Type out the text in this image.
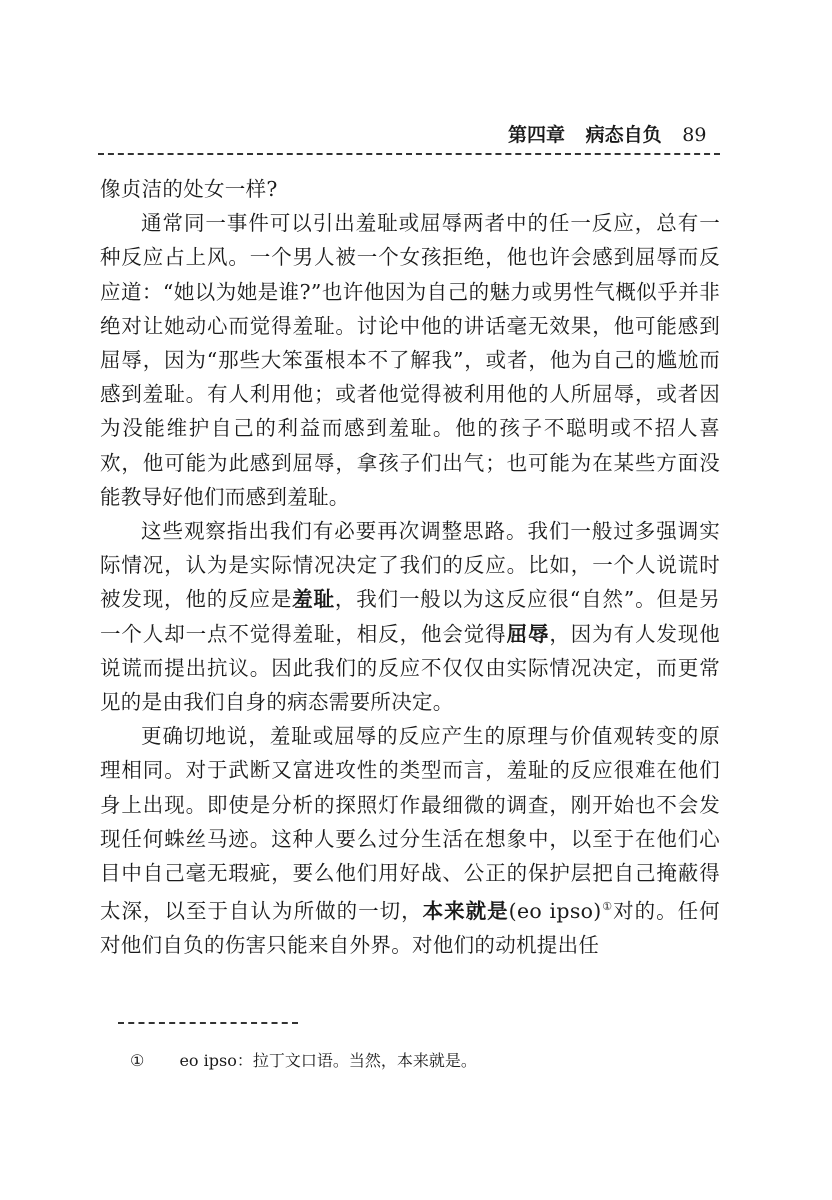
第四章 病态自负 89

像贞洁的处女一样?

通常同一事件可以引出羞耻或屈辱两者中的任一反应，总有一种反应占上风。一个男人被一个女孩拒绝，他也许会感到屈辱而反应道：“她以为她是谁?”也许他因为自己的魅力或男性气概似乎并非绝对让她动心而觉得羞耻。讨论中他的讲话毫无效果，他可能感到屈辱，因为“那些大笨蛋根本不了解我”，或者，他为自己的尴尬而感到羞耻。有人利用他；或者他觉得被利用他的人所屈辱，或者因为没能维护自己的利益而感到羞耻。他的孩子不聪明或不招人喜欢，他可能为此感到屈辱，拿孩子们出气；也可能为在某些方面没能教导好他们而感到羞耻。

这些观察指出我们有必要再次调整思路。我们一般过多强调实际情况，认为是实际情况决定了我们的反应。比如，一个人说谎时被发现，他的反应是羞耻，我们一般以为这反应很“自然”。但是另一个人却一点不觉得羞耻，相反，他会觉得屈辱，因为有人发现他说谎而提出抗议。因此我们的反应不仅仅由实际情况决定，而更常见的是由我们自身的病态需要所决定。

更确切地说，羞耻或屈辱的反应产生的原理与价值观转变的原理相同。对于武断又富进攻性的类型而言，羞耻的反应很难在他们身上出现。即使是分析的探照灯作最细微的调查，刚开始也不会发现任何蛛丝马迹。这种人要么过分生活在想象中，以至于在他们心目中自己毫无瑕疵，要么他们用好战、公正的保护层把自己掩蔽得太深，以至于自认为所做的一切，本来就是(eo ipso)①对的。任何对他们自负的伤害只能来自外界。对他们的动机提出任

① eo ipso：拉丁文口语。当然，本来就是。
